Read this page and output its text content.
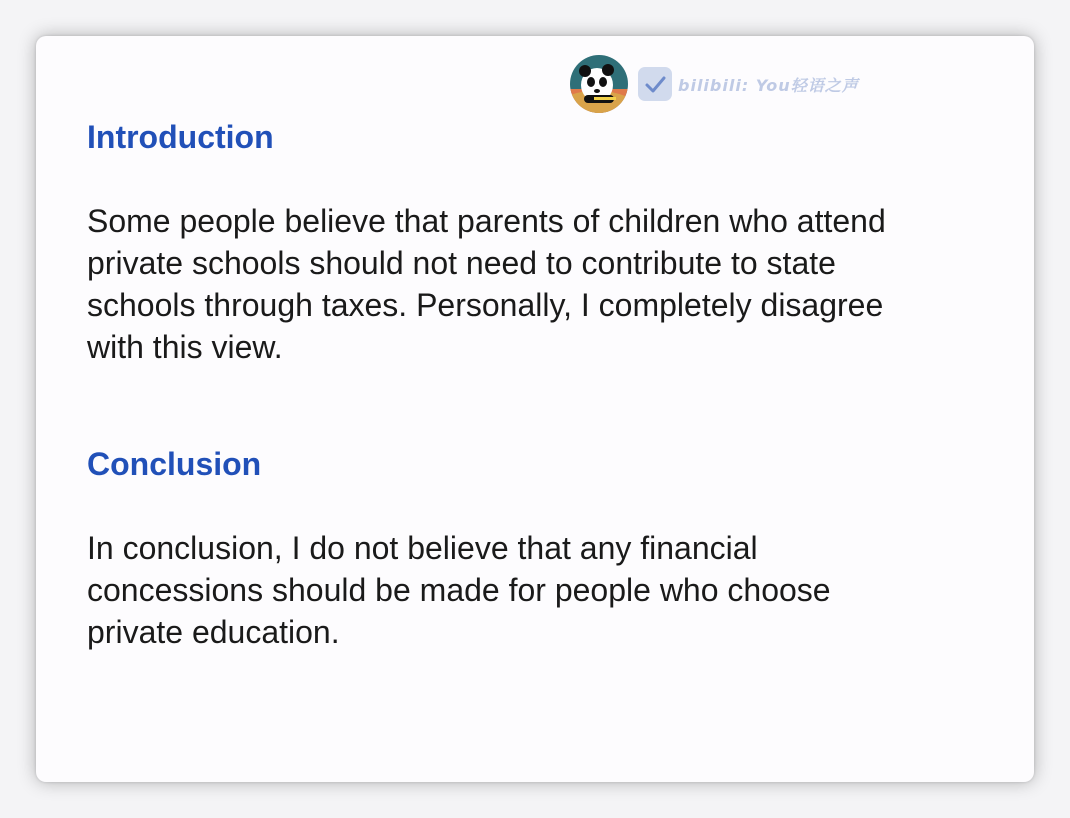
bilibili: You轻语之声
Introduction

Some people believe that parents of children who attend
private schools should not need to contribute to state
schools through taxes. Personally, I completely disagree
with this view.

Conclusion

In conclusion, I do not believe that any financial
concessions should be made for people who choose
private education.
